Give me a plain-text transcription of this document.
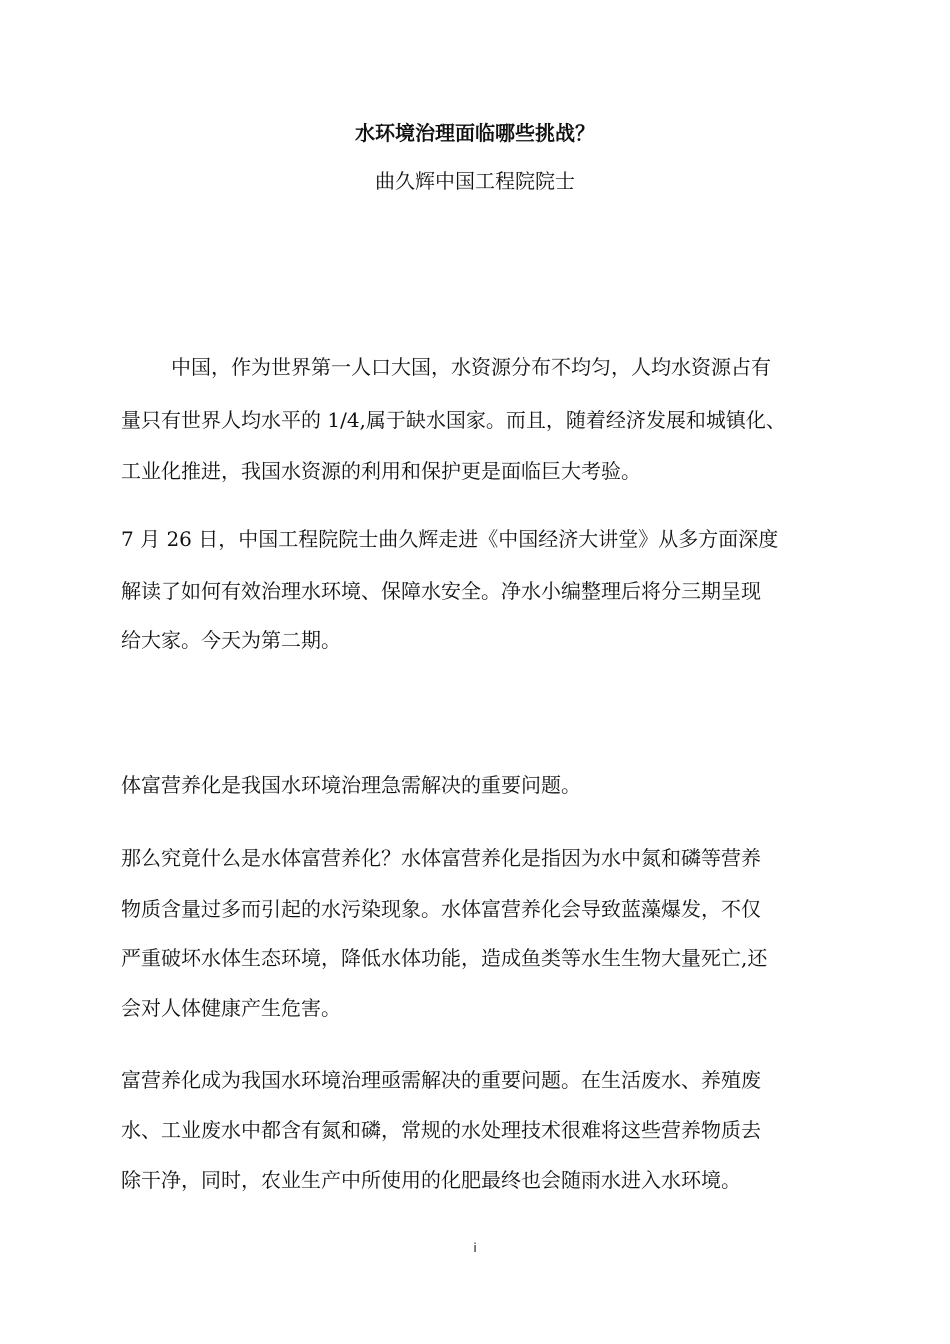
水环境治理面临哪些挑战？

曲久辉中国工程院院士

中国，作为世界第一人口大国，水资源分布不均匀，人均水资源占有

量只有世界人均水平的 1/4,属于缺水国家。而且，随着经济发展和城镇化、

工业化推进，我国水资源的利用和保护更是面临巨大考验。

7 月 26 日，中国工程院院士曲久辉走进《中国经济大讲堂》从多方面深度

解读了如何有效治理水环境、保障水安全。净水小编整理后将分三期呈现

给大家。今天为第二期。

体富营养化是我国水环境治理急需解决的重要问题。

那么究竟什么是水体富营养化？水体富营养化是指因为水中氮和磷等营养

物质含量过多而引起的水污染现象。水体富营养化会导致蓝藻爆发，不仅

严重破坏水体生态环境，降低水体功能，造成鱼类等水生生物大量死亡,还

会对人体健康产生危害。

富营养化成为我国水环境治理亟需解决的重要问题。在生活废水、养殖废

水、工业废水中都含有氮和磷，常规的水处理技术很难将这些营养物质去

除干净，同时，农业生产中所使用的化肥最终也会随雨水进入水环境。

i
